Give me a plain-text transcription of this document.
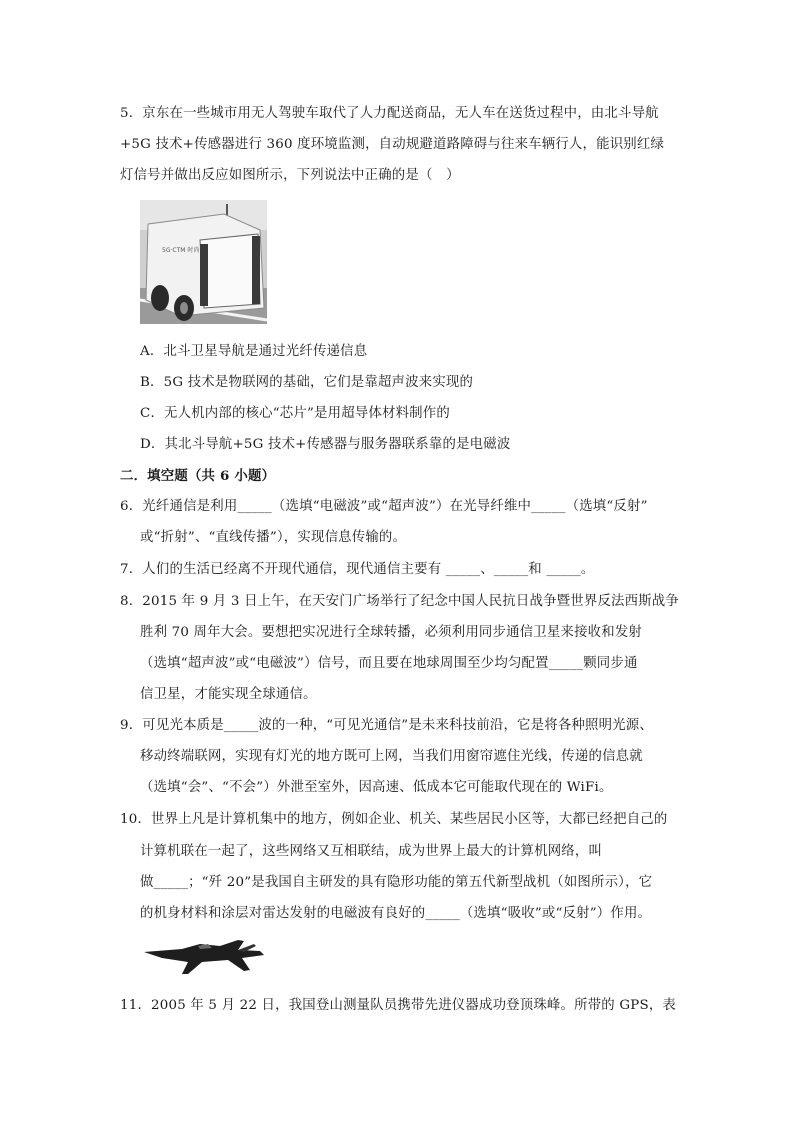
5．京东在一些城市用无人驾驶车取代了人力配送商品，无人车在送货过程中，由北斗导航
+5G 技术+传感器进行 360 度环境监测，自动规避道路障碍与往来车辆行人，能识别红绿
灯信号并做出反应如图所示，下列说法中正确的是（　）
5G·CTM 时尚
A．北斗卫星导航是通过光纤传递信息
B．5G 技术是物联网的基础，它们是靠超声波来实现的
C．无人机内部的核心“芯片”是用超导体材料制作的
D．其北斗导航+5G 技术+传感器与服务器联系靠的是电磁波
二．填空题（共 6 小题）
6．光纤通信是利用_____（选填“电磁波”或“超声波”）在光导纤维中_____（选填“反射”
或“折射”、“直线传播”），实现信息传输的。
7．人们的生活已经离不开现代通信，现代通信主要有 _____、_____和 _____。
8．2015 年 9 月 3 日上午，在天安门广场举行了纪念中国人民抗日战争暨世界反法西斯战争
胜利 70 周年大会。要想把实况进行全球转播，必须利用同步通信卫星来接收和发射
（选填“超声波”或“电磁波”）信号，而且要在地球周围至少均匀配置_____颗同步通
信卫星，才能实现全球通信。
9．可见光本质是_____波的一种，“可见光通信”是未来科技前沿，它是将各种照明光源、
移动终端联网，实现有灯光的地方既可上网，当我们用窗帘遮住光线，传递的信息就
（选填“会”、“不会”）外泄至室外，因高速、低成本它可能取代现在的 WiFi。
10．世界上凡是计算机集中的地方，例如企业、机关、某些居民小区等，大都已经把自己的
计算机联在一起了，这些网络又互相联结，成为世界上最大的计算机网络，叫
做_____；“歼 20”是我国自主研发的具有隐形功能的第五代新型战机（如图所示），它
的机身材料和涂层对雷达发射的电磁波有良好的_____（选填“吸收”或“反射”）作用。
11．2005 年 5 月 22 日，我国登山测量队员携带先进仪器成功登顶珠峰。所带的 GPS，表
